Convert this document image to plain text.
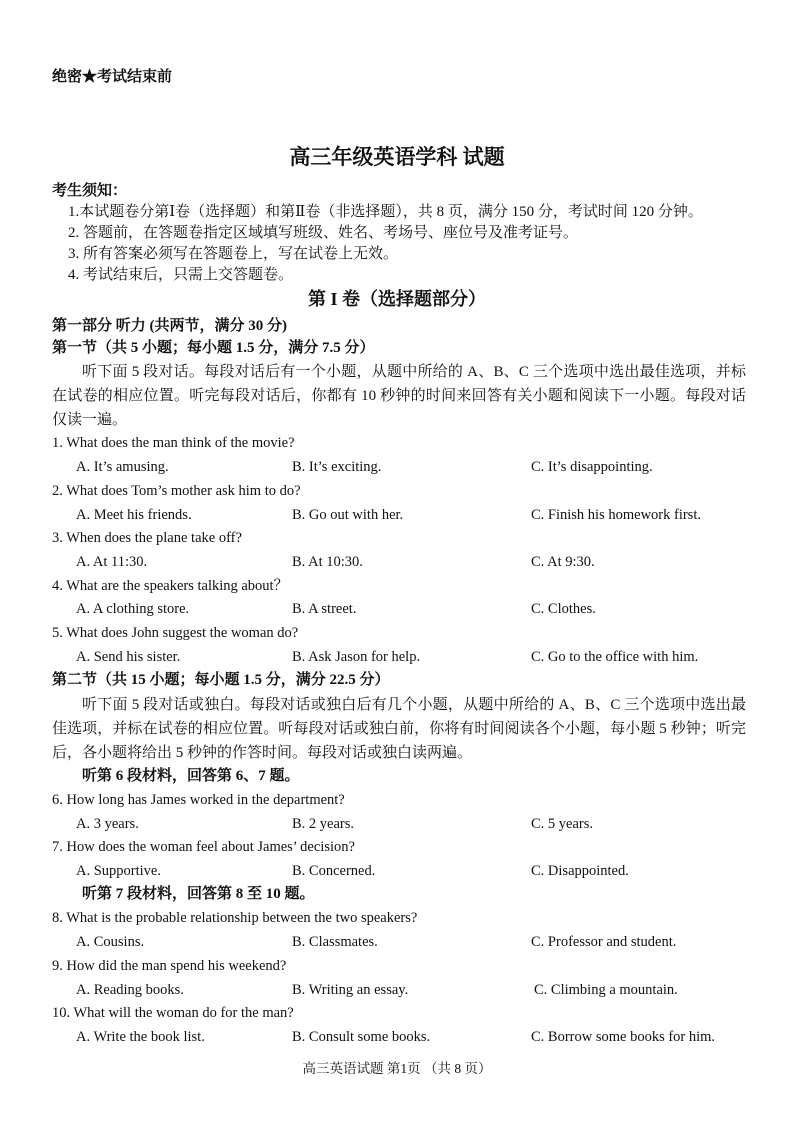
绝密★考试结束前
高三年级英语学科 试题
考生须知：
1.本试题卷分第Ⅰ卷（选择题）和第Ⅱ卷（非选择题），共 8 页，满分 150 分，考试时间 120 分钟。
2. 答题前，在答题卷指定区域填写班级、姓名、考场号、座位号及准考证号。
3. 所有答案必须写在答题卷上，写在试卷上无效。
4. 考试结束后，只需上交答题卷。
第 I 卷（选择题部分）
第一部分 听力 (共两节，满分 30 分)
第一节（共 5 小题；每小题 1.5 分，满分 7.5 分）
听下面 5 段对话。每段对话后有一个小题，从题中所给的 A、B、C 三个选项中选出最佳选项，并标在试卷的相应位置。听完每段对话后，你都有 10 秒钟的时间来回答有关小题和阅读下一小题。每段对话仅读一遍。
1. What does the man think of the movie?
A. It’s amusing.	B. It’s exciting.	C. It’s disappointing.
2. What does Tom’s mother ask him to do?
A. Meet his friends.	B. Go out with her.	C. Finish his homework first.
3. When does the plane take off?
A. At 11:30.	B. At 10:30.	C. At 9:30.
4. What are the speakers talking about？
A. A clothing store.	B. A street.	C. Clothes.
5. What does John suggest the woman do?
A. Send his sister.	B. Ask Jason for help.	C. Go to the office with him.
第二节（共 15 小题；每小题 1.5 分，满分 22.5 分）
听下面 5 段对话或独白。每段对话或独白后有几个小题，从题中所给的 A、B、C 三个选项中选出最佳选项，并标在试卷的相应位置。听每段对话或独白前，你将有时间阅读各个小题，每小题 5 秒钟；听完后，各小题将给出 5 秒钟的作答时间。每段对话或独白读两遍。
听第 6 段材料，回答第 6、7 题。
6. How long has James worked in the department?
A. 3 years.	B. 2 years.	C. 5 years.
7. How does the woman feel about James’ decision?
A. Supportive.	B. Concerned.	C. Disappointed.
听第 7 段材料，回答第 8 至 10 题。
8. What is the probable relationship between the two speakers?
A. Cousins.	B. Classmates.	C. Professor and student.
9. How did the man spend his weekend?
A. Reading books.	B. Writing an essay.	C. Climbing a mountain.
10. What will the woman do for the man?
A. Write the book list.	B. Consult some books.	C. Borrow some books for him.
高三英语试题 第1页 （共 8 页）
